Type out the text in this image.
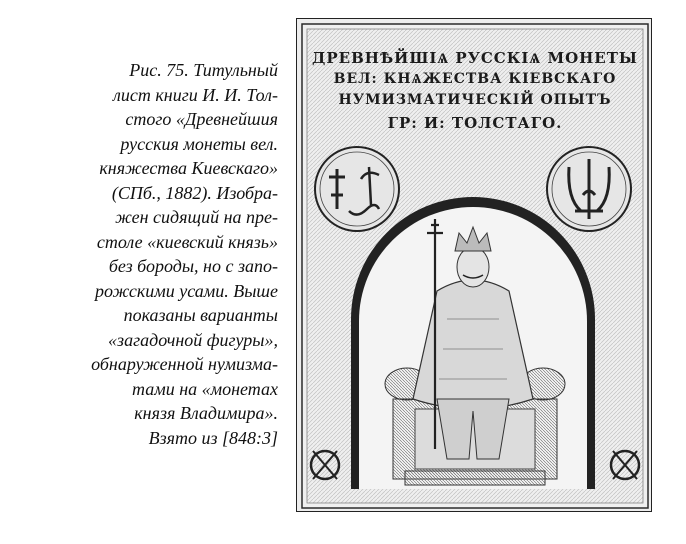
Рис. 75. Титульный
лист книги И. И. Тол-
стого «Древнейшия
русския монеты вел.
княжества Киевскаго»
(СПб., 1882). Изобра-
жен сидящий на пре-
столе «киевский князь»
без бороды, но с запо-
рожскими усами. Выше
показаны варианты
«загадочной фигуры»,
обнаруженной нумизма-
тами на «монетах
князя Владимира».
Взято из [848:3]

ДРЕВНѢЙШІѦ РУССКІѦ МОНЕТЫ
ВЕЛ: КНѦЖЕСТВА КІЕВСКАГО
НУМИЗМАТИЧЕСКІЙ ОПЫТЪ
ГР: И: ТОЛСТАГО.
